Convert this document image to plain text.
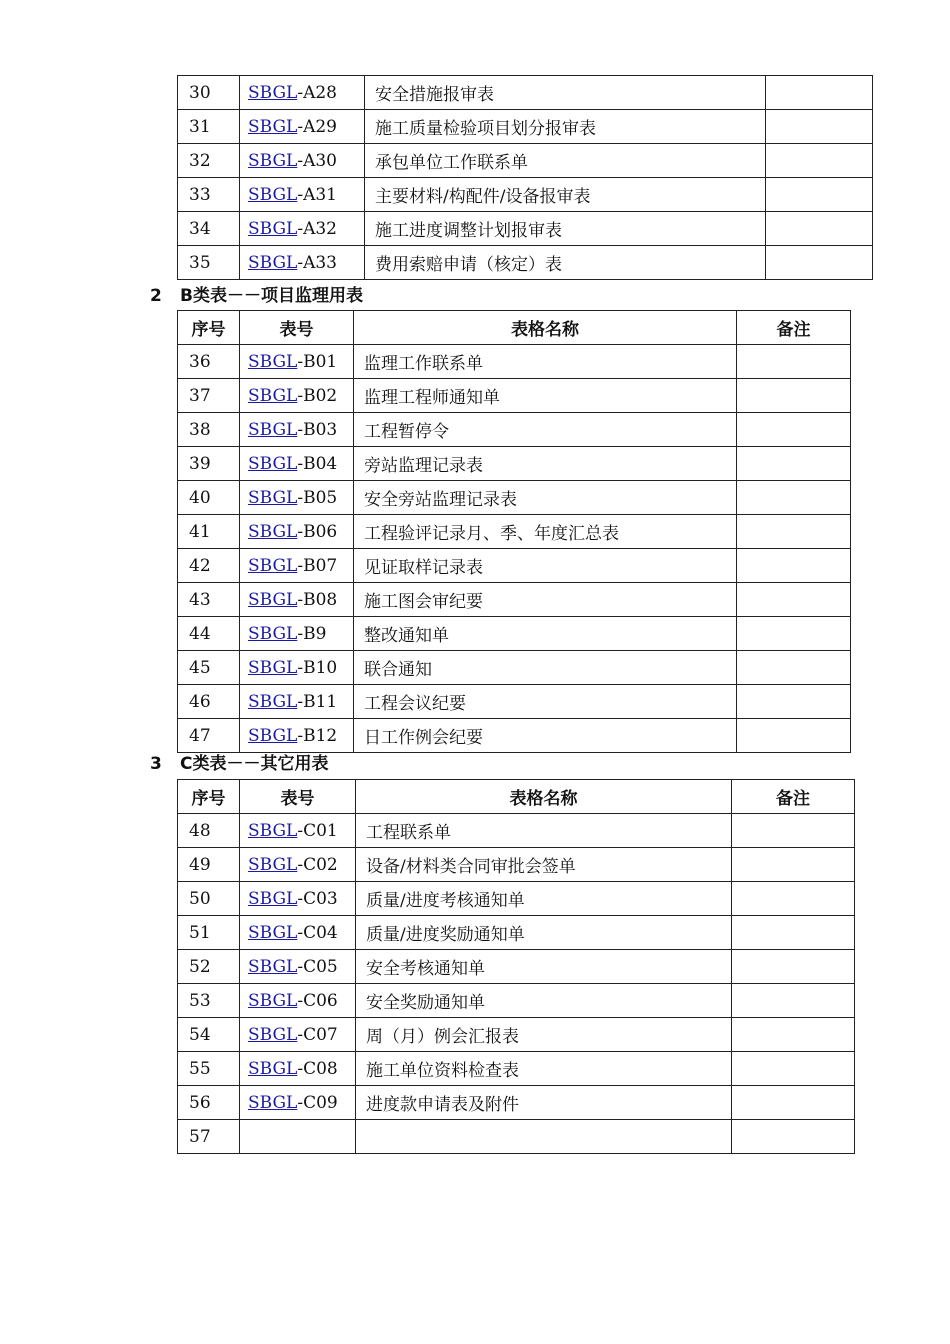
30	SBGL-A28	安全措施报审表	
31	SBGL-A29	施工质量检验项目划分报审表	
32	SBGL-A30	承包单位工作联系单	
33	SBGL-A31	主要材料/构配件/设备报审表	
34	SBGL-A32	施工进度调整计划报审表	
35	SBGL-A33	费用索赔申请（核定）表	
2 B类表－－项目监理用表
序号	表号	表格名称	备注
36	SBGL-B01	监理工作联系单	
37	SBGL-B02	监理工程师通知单	
38	SBGL-B03	工程暂停令	
39	SBGL-B04	旁站监理记录表	
40	SBGL-B05	安全旁站监理记录表	
41	SBGL-B06	工程验评记录月、季、年度汇总表	
42	SBGL-B07	见证取样记录表	
43	SBGL-B08	施工图会审纪要	
44	SBGL-B9	整改通知单	
45	SBGL-B10	联合通知	
46	SBGL-B11	工程会议纪要	
47	SBGL-B12	日工作例会纪要	
3 C类表－－其它用表
序号	表号	表格名称	备注
48	SBGL-C01	工程联系单	
49	SBGL-C02	设备/材料类合同审批会签单	
50	SBGL-C03	质量/进度考核通知单	
51	SBGL-C04	质量/进度奖励通知单	
52	SBGL-C05	安全考核通知单	
53	SBGL-C06	安全奖励通知单	
54	SBGL-C07	周（月）例会汇报表	
55	SBGL-C08	施工单位资料检查表	
56	SBGL-C09	进度款申请表及附件	
57			
